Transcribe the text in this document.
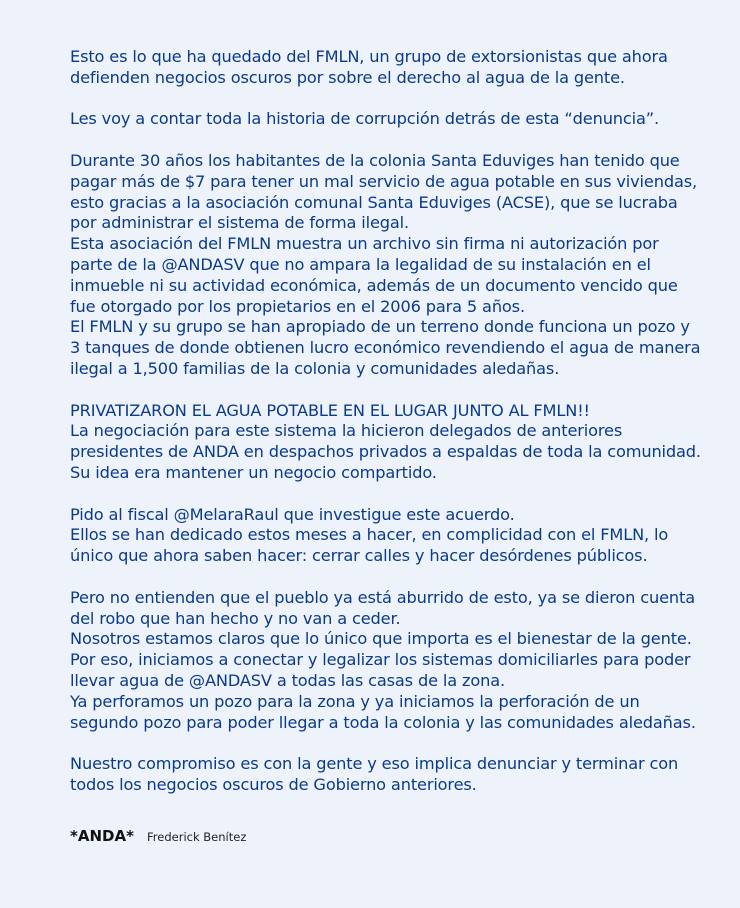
Esto es lo que ha quedado del FMLN, un grupo de extorsionistas que ahora
defienden negocios oscuros por sobre el derecho al agua de la gente.

Les voy a contar toda la historia de corrupción detrás de esta “denuncia”.

Durante 30 años los habitantes de la colonia Santa Eduviges han tenido que
pagar más de $7 para tener un mal servicio de agua potable en sus viviendas,
esto gracias a la asociación comunal Santa Eduviges (ACSE), que se lucraba
por administrar el sistema de forma ilegal.
Esta asociación del FMLN muestra un archivo sin firma ni autorización por
parte de la @ANDASV que no ampara la legalidad de su instalación en el
inmueble ni su actividad económica, además de un documento vencido que
fue otorgado por los propietarios en el 2006 para 5 años.
El FMLN y su grupo se han apropiado de un terreno donde funciona un pozo y
3 tanques de donde obtienen lucro económico revendiendo el agua de manera
ilegal a 1,500 familias de la colonia y comunidades aledañas.

PRIVATIZARON EL AGUA POTABLE EN EL LUGAR JUNTO AL FMLN!!
La negociación para este sistema la hicieron delegados de anteriores
presidentes de ANDA en despachos privados a espaldas de toda la comunidad.
Su idea era mantener un negocio compartido.

Pido al fiscal @MelaraRaul que investigue este acuerdo.
Ellos se han dedicado estos meses a hacer, en complicidad con el FMLN, lo
único que ahora saben hacer: cerrar calles y hacer desórdenes públicos.

Pero no entienden que el pueblo ya está aburrido de esto, ya se dieron cuenta
del robo que han hecho y no van a ceder.
Nosotros estamos claros que lo único que importa es el bienestar de la gente.
Por eso, iniciamos a conectar y legalizar los sistemas domiciliarles para poder
llevar agua de @ANDASV a todas las casas de la zona.
Ya perforamos un pozo para la zona y ya iniciamos la perforación de un
segundo pozo para poder llegar a toda la colonia y las comunidades aledañas.

Nuestro compromiso es con la gente y eso implica denunciar y terminar con
todos los negocios oscuros de Gobierno anteriores.

*ANDA* Frederick Benítez
